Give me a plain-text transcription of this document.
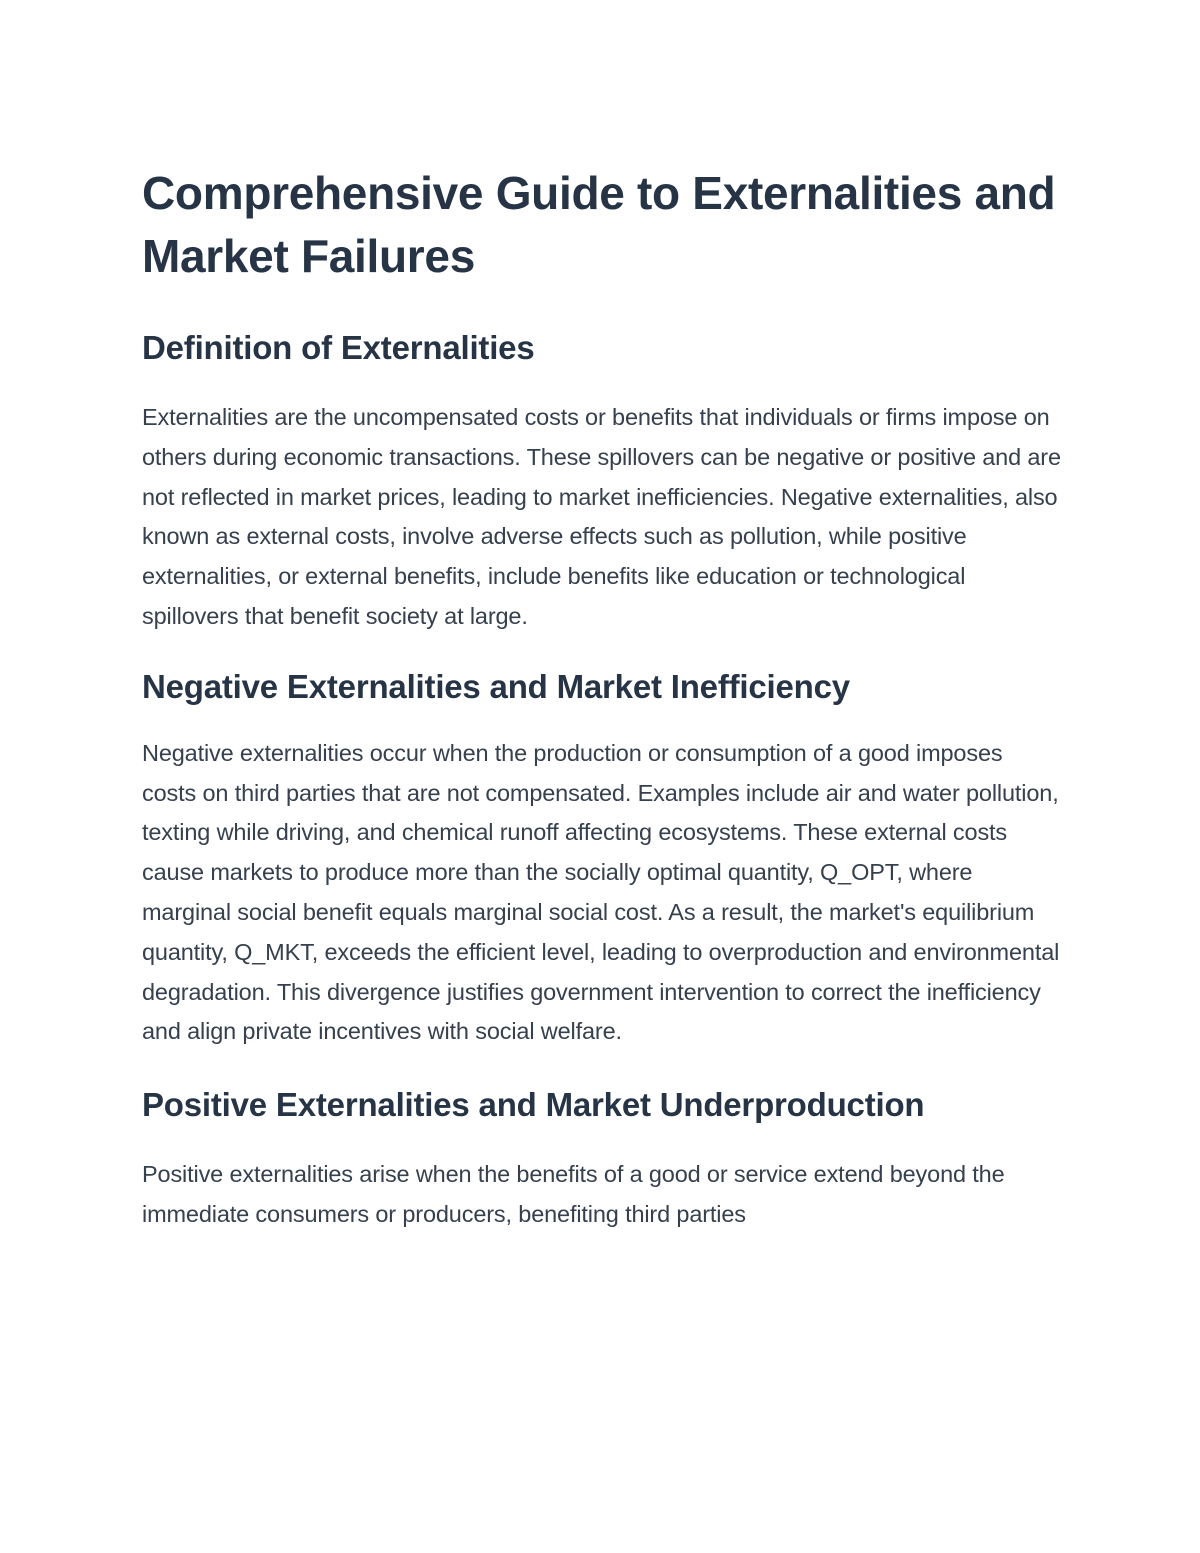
Comprehensive Guide to Externalities and Market Failures
Definition of Externalities

Externalities are the uncompensated costs or benefits that individuals or firms impose on others during economic transactions. These spillovers can be negative or positive and are not reflected in market prices, leading to market inefficiencies. Negative externalities, also known as external costs, involve adverse effects such as pollution, while positive externalities, or external benefits, include benefits like education or technological spillovers that benefit society at large.

Negative Externalities and Market Inefficiency

Negative externalities occur when the production or consumption of a good imposes costs on third parties that are not compensated. Examples include air and water pollution, texting while driving, and chemical runoff affecting ecosystems. These external costs cause markets to produce more than the socially optimal quantity, Q_OPT, where marginal social benefit equals marginal social cost. As a result, the market's equilibrium quantity, Q_MKT, exceeds the efficient level, leading to overproduction and environmental degradation. This divergence justifies government intervention to correct the inefficiency and align private incentives with social welfare.

Positive Externalities and Market Underproduction

Positive externalities arise when the benefits of a good or service extend beyond the immediate consumers or producers, benefiting third parties
